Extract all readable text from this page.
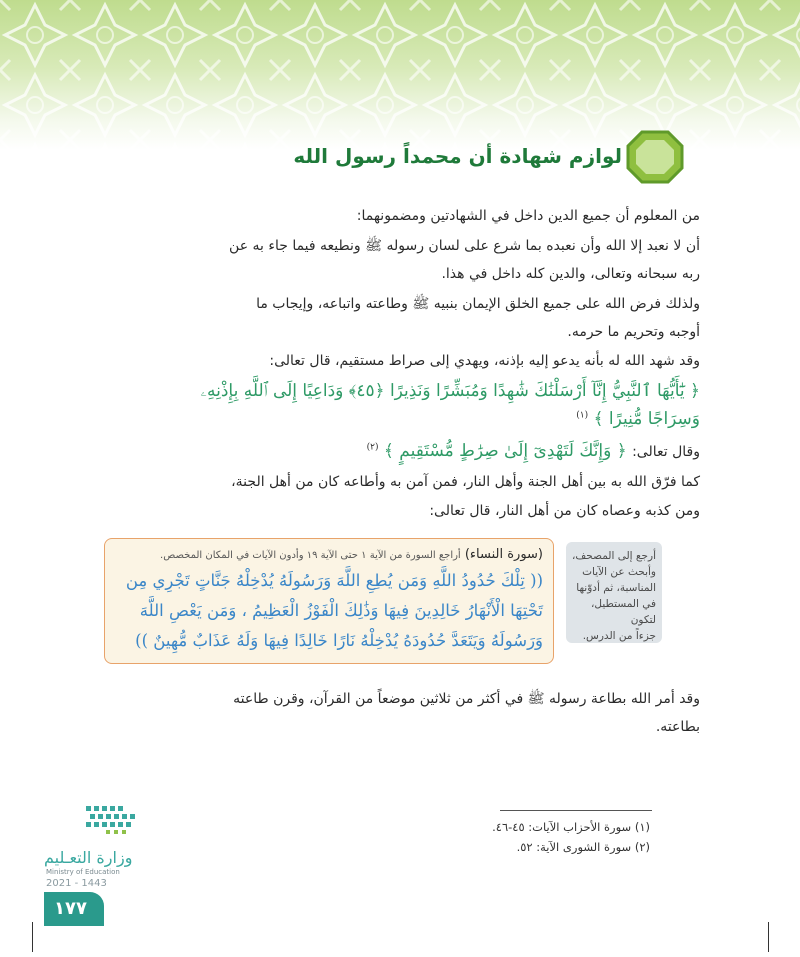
لوازم شهادة أن محمداً رسول الله
من المعلوم أن جميع الدين داخل في الشهادتين ومضمونهما:
أن لا نعبد إلا الله وأن نعبده بما شرع على لسان رسوله ﷺ ونطيعه فيما جاء به عن
ربه سبحانه وتعالى، والدين كله داخل في هذا.
ولذلك فرض الله على جميع الخلق الإيمان بنبيه ﷺ وطاعته واتباعه، وإيجاب ما
أوجبه وتحريم ما حرمه.
وقد شهد الله له بأنه يدعو إليه بإذنه، ويهدي إلى صراط مستقيم، قال تعالى:
﴿ يَٰٓأَيُّهَا ٱلنَّبِيُّ إِنَّآ أَرْسَلْنَٰكَ شَٰهِدًا وَمُبَشِّرًا وَنَذِيرًا ﴿٤٥﴾ وَدَاعِيًا إِلَى ٱللَّهِ بِإِذْنِهِۦ
وَسِرَاجًا مُّنِيرًا ﴾ $^{(١)}$
وقال تعالى: ﴿ وَإِنَّكَ لَتَهْدِىٓ إِلَىٰ صِرَٰطٍ مُّسْتَقِيمٍ ﴾ $^{(٢)}$
كما فرّق الله به بين أهل الجنة وأهل النار، فمن آمن به وأطاعه كان من أهل الجنة،
ومن كذبه وعصاه كان من أهل النار، قال تعالى:
أرجع إلى المصحف،
وأبحث عن الآيات
المناسبة، ثم أدوّنها
في المستطيل، لتكون
جزءاً من الدرس.
(سورة النساء) أراجع السورة من الآية ١ حتى الآية ١٩ وأدون الآيات في المكان المخصص.
(( تِلْكَ حُدُودُ اللَّهِ وَمَن يُطِعِ اللَّهَ وَرَسُولَهُ يُدْخِلْهُ جَنَّاتٍ تَجْرِي مِن
تَحْتِهَا الْأَنْهَارُ خَالِدِينَ فِيهَا وَذَٰلِكَ الْفَوْزُ الْعَظِيمُ ، وَمَن يَعْصِ اللَّهَ
وَرَسُولَهُ وَيَتَعَدَّ حُدُودَهُ يُدْخِلْهُ نَارًا خَالِدًا فِيهَا وَلَهُ عَذَابٌ مُّهِينٌ ))
وقد أمر الله بطاعة رسوله ﷺ في أكثر من ثلاثين موضعاً من القرآن، وقرن طاعته
بطاعته.
(١) سورة الأحزاب الآيات: ٤٥-٤٦.
(٢) سورة الشورى الآية: ٥٢.
وزارة التعـليم
Ministry of Education
2021 - 1443
١٧٧
